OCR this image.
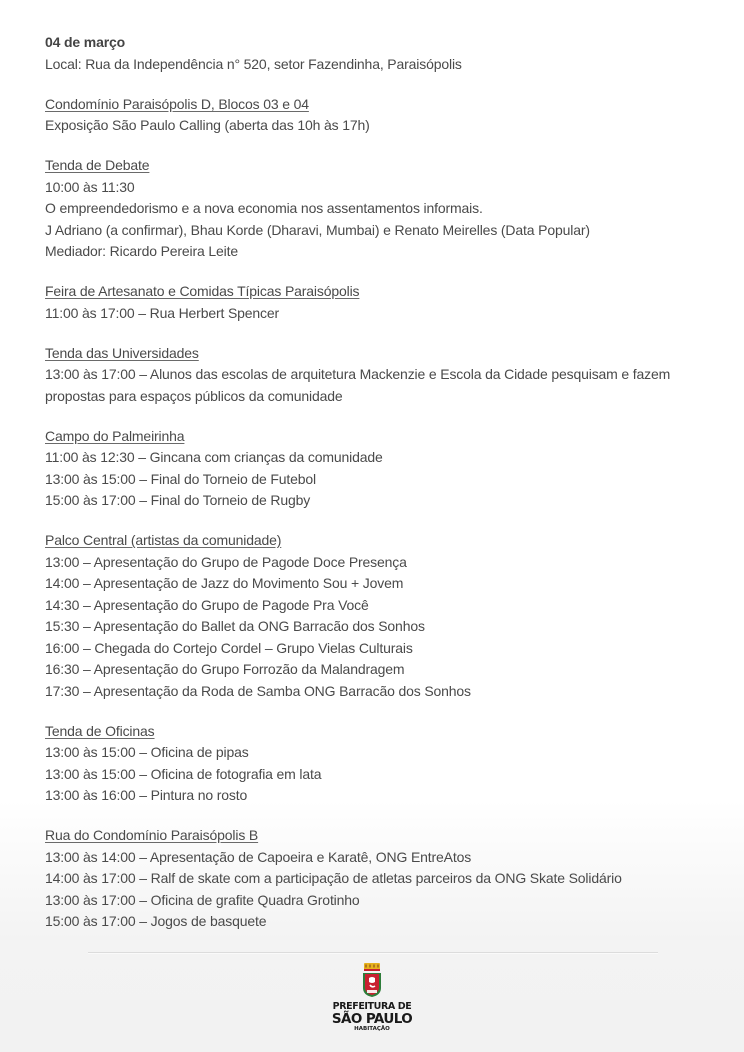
04 de março

Local: Rua da Independência n° 520, setor Fazendinha, Paraisópolis

Condomínio Paraisópolis D, Blocos 03 e 04

Exposição São Paulo Calling (aberta das 10h às 17h)

Tenda de Debate

10:00 às 11:30

O empreendedorismo e a nova economia nos assentamentos informais.

J Adriano (a confirmar), Bhau Korde (Dharavi, Mumbai) e Renato Meirelles (Data Popular)

Mediador: Ricardo Pereira Leite

Feira de Artesanato e Comidas Típicas Paraisópolis

11:00 às 17:00 – Rua Herbert Spencer

Tenda das Universidades

13:00 às 17:00 – Alunos das escolas de arquitetura Mackenzie e Escola da Cidade pesquisam e fazem propostas para espaços públicos da comunidade

Campo do Palmeirinha

11:00 às 12:30 – Gincana com crianças da comunidade

13:00 às 15:00 – Final do Torneio de Futebol

15:00 às 17:00 – Final do Torneio de Rugby

Palco Central (artistas da comunidade)

13:00 – Apresentação do Grupo de Pagode Doce Presença

14:00 – Apresentação de Jazz do Movimento Sou + Jovem

14:30 – Apresentação do Grupo de Pagode Pra Você

15:30 – Apresentação do Ballet da ONG Barracão dos Sonhos

16:00 – Chegada do Cortejo Cordel – Grupo Vielas Culturais

16:30 – Apresentação do Grupo Forrozão da Malandragem

17:30 – Apresentação da Roda de Samba ONG Barracão dos Sonhos

Tenda de Oficinas

13:00 às 15:00 – Oficina de pipas

13:00 às 15:00 – Oficina de fotografia em lata

13:00 às 16:00 – Pintura no rosto

Rua do Condomínio Paraisópolis B

13:00 às 14:00 – Apresentação de Capoeira e Karatê, ONG EntreAtos

14:00 às 17:00 – Ralf de skate com a participação de atletas parceiros da ONG Skate Solidário

13:00 às 17:00 – Oficina de grafite Quadra Grotinho

15:00 às 17:00 – Jogos de basquete

PREFEITURA DE
SÃO PAULO
HABITAÇÃO
